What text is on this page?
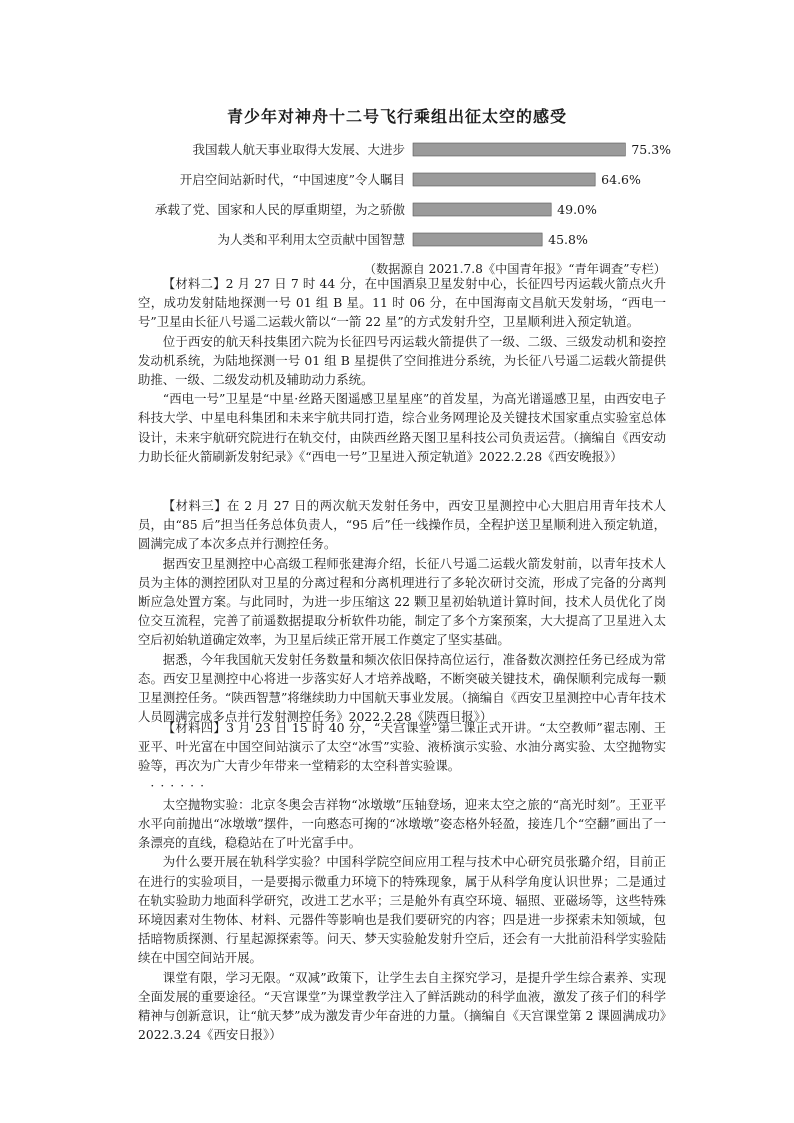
青少年对神舟十二号飞行乘组出征太空的感受
我国载人航天事业取得大发展、大进步	75.3%
开启空间站新时代，“中国速度”令人瞩目	64.6%
承载了党、国家和人民的厚重期望，为之骄傲	49.0%
为人类和平利用太空贡献中国智慧	45.8%
（数据源自 2021.7.8《中国青年报》“青年调查”专栏）

【材料二】2 月 27 日 7 时 44 分，在中国酒泉卫星发射中心，长征四号丙运载火箭点火升空，成功发射陆地探测一号 01 组 B 星。11 时 06 分，在中国海南文昌航天发射场，“西电一号”卫星由长征八号遥二运载火箭以“一箭 22 星”的方式发射升空，卫星顺利进入预定轨道。

位于西安的航天科技集团六院为长征四号丙运载火箭提供了一级、二级、三级发动机和姿控发动机系统，为陆地探测一号 01 组 B 星提供了空间推进分系统，为长征八号遥二运载火箭提供助推、一级、二级发动机及辅助动力系统。

“西电一号”卫星是“中星·丝路天图遥感卫星星座”的首发星，为高光谱遥感卫星，由西安电子科技大学、中星电科集团和未来宇航共同打造，综合业务网理论及关键技术国家重点实验室总体设计，未来宇航研究院进行在轨交付，由陕西丝路天图卫星科技公司负责运营。（摘编自《西安动力助长征火箭刷新发射纪录》《“西电一号”卫星进入预定轨道》2022.2.28《西安晚报》）

【材料三】在 2 月 27 日的两次航天发射任务中，西安卫星测控中心大胆启用青年技术人员，由“85 后”担当任务总体负责人，“95 后”任一线操作员，全程护送卫星顺利进入预定轨道，圆满完成了本次多点并行测控任务。

据西安卫星测控中心高级工程师张建海介绍，长征八号遥二运载火箭发射前，以青年技术人员为主体的测控团队对卫星的分离过程和分离机理进行了多轮次研讨交流，形成了完备的分离判断应急处置方案。与此同时，为进一步压缩这 22 颗卫星初始轨道计算时间，技术人员优化了岗位交互流程，完善了前遥数据提取分析软件功能，制定了多个方案预案，大大提高了卫星进入太空后初始轨道确定效率，为卫星后续正常开展工作奠定了坚实基础。

据悉，今年我国航天发射任务数量和频次依旧保持高位运行，准备数次测控任务已经成为常态。西安卫星测控中心将进一步落实好人才培养战略，不断突破关键技术，确保顺利完成每一颗卫星测控任务。“陕西智慧”将继续助力中国航天事业发展。（摘编自《西安卫星测控中心青年技术人员圆满完成多点并行发射测控任务》2022.2.28《陕西日报》）

【材料四】3 月 23 日 15 时 40 分，“天宫课堂”第二课正式开讲。“太空教师”翟志刚、王亚平、叶光富在中国空间站演示了太空“冰雪”实验、液桥演示实验、水油分离实验、太空抛物实验等，再次为广大青少年带来一堂精彩的太空科普实验课。

······

太空抛物实验：北京冬奥会吉祥物“冰墩墩”压轴登场，迎来太空之旅的“高光时刻”。王亚平水平向前抛出“冰墩墩”摆件，一向憨态可掬的“冰墩墩”姿态格外轻盈，接连几个“空翻”画出了一条漂亮的直线，稳稳站在了叶光富手中。

为什么要开展在轨科学实验？中国科学院空间应用工程与技术中心研究员张璐介绍，目前正在进行的实验项目，一是要揭示微重力环境下的特殊现象，属于从科学角度认识世界；二是通过在轨实验助力地面科学研究，改进工艺水平；三是舱外有真空环境、辐照、亚磁场等，这些特殊环境因素对生物体、材料、元器件等影响也是我们要研究的内容；四是进一步探索未知领域，包括暗物质探测、行星起源探索等。问天、梦天实验舱发射升空后，还会有一大批前沿科学实验陆续在中国空间站开展。

课堂有限，学习无限。“双减”政策下，让学生去自主探究学习，是提升学生综合素养、实现全面发展的重要途径。“天宫课堂”为课堂教学注入了鲜活跳动的科学血液，激发了孩子们的科学精神与创新意识，让“航天梦”成为激发青少年奋进的力量。（摘编自《天宫课堂第 2 课圆满成功》2022.3.24《西安日报》）
